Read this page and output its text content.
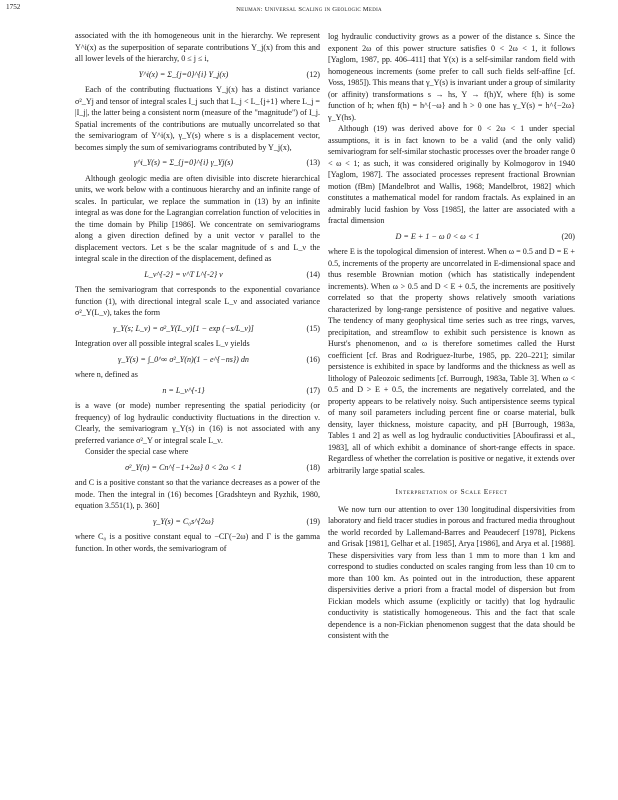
1752	Neuman: Universal Scaling in Geologic Media

associated with the ith homogeneous unit in the hierarchy. We represent Y^i(x) as the superposition of separate contributions Y_j(x) from this and all lower levels of the hierarchy, 0 ≤ j ≤ i,

Y^i(x) = Σ_{j=0}^{i} Y_j(x)	(12)

Each of the contributing fluctuations Y_j(x) has a distinct variance σ²_Yj and tensor of integral scales I_j such that L_j < L_{j+1} where L_j = |I_j|, the latter being a consistent norm (measure of the "magnitude") of I_j. Spatial increments of the contributions are mutually uncorrelated so that the semivariogram of Y^i(x), γ_Y(s) where s is a displacement vector, becomes simply the sum of semivariograms contributed by Y_j(x),

γ^i_Y(s) = Σ_{j=0}^{i} γ_Yj(s)	(13)

Although geologic media are often divisible into discrete hierarchical units, we work below with a continuous hierarchy and an infinite range of scales. In particular, we replace the summation in (13) by an infinite integral as was done for the Lagrangian correlation function of velocities in the time domain by Philip [1986]. We concentrate on semivariograms along a given direction defined by a unit vector ν parallel to the displacement vectors. Let s be the scalar magnitude of s and L_ν the integral scale in the direction of the displacement, defined as

L_ν^{-2} = ν^T L^{-2} ν	(14)

Then the semivariogram that corresponds to the exponential covariance function (1), with directional integral scale L_ν and associated variance σ²_Y(L_ν), takes the form

γ_Y(s; L_ν) = σ²_Y(L_ν)[1 − exp (−s/L_ν)]	(15)

Integration over all possible integral scales L_ν yields

γ_Y(s) = ∫_0^∞ σ²_Y(n)(1 − e^{−ns}) dn	(16)

where n, defined as

n = L_ν^{-1}	(17)

is a wave (or mode) number representing the spatial periodicity (or frequency) of log hydraulic conductivity fluctuations in the direction ν. Clearly, the semivariogram γ_Y(s) in (16) is not associated with any preferred variance σ²_Y or integral scale L_ν.

Consider the special case where

σ²_Y(n) = Cn^{−1+2ω} 0 < 2ω < 1	(18)

and C is a positive constant so that the variance decreases as a power of the mode. Then the integral in (16) becomes [Gradshteyn and Ryzhik, 1980, equation 3.551(1), p. 360]

γ_Y(s) = C₀s^{2ω}	(19)

where C₀ is a positive constant equal to −CΓ(−2ω) and Γ is the gamma function. In other words, the semivariogram of

log hydraulic conductivity grows as a power of the distance s. Since the exponent 2ω of this power structure satisfies 0 < 2ω < 1, it follows [Yaglom, 1987, pp. 406–411] that Y(x) is a self-similar random field with homogeneous increments (some prefer to call such fields self-affine [cf. Voss, 1985]). This means that γ_Y(s) is invariant under a group of similarity (or affinity) transformations s → hs, Y → f(h)Y, where f(h) is some function of h; when f(h) = h^{−ω} and h > 0 one has γ_Y(s) = h^{−2ω}γ_Y(hs).

Although (19) was derived above for 0 < 2ω < 1 under special assumptions, it is in fact known to be a valid (and the only valid) semivariogram for self-similar stochastic processes over the broader range 0 < ω < 1; as such, it was considered originally by Kolmogorov in 1940 [Yaglom, 1987]. The associated processes represent fractional Brownian motion (fBm) [Mandelbrot and Wallis, 1968; Mandelbrot, 1982] which constitutes a mathematical model for random fractals. As explained in an admirably lucid fashion by Voss [1985], the latter are associated with a fractal dimension

D = E + 1 − ω 0 < ω < 1	(20)

where E is the topological dimension of interest. When ω = 0.5 and D = E + 0.5, increments of the property are uncorrelated in E-dimensional space and thus resemble Brownian motion (which has statistically independent increments). When ω > 0.5 and D < E + 0.5, the increments are positively correlated so that the property shows relatively smooth variations characterized by long-range persistence of positive and negative values. The tendency of many geophysical time series such as tree rings, varves, precipitation, and streamflow to exhibit such persistence is known as Hurst's phenomenon, and ω is therefore sometimes called the Hurst coefficient [cf. Bras and Rodriguez-Iturbe, 1985, pp. 220–221]; similar persistence is exhibited in space by landforms and the thickness as well as lithology of Paleozoic sediments [cf. Burrough, 1983a, Table 3]. When ω < 0.5 and D > E + 0.5, the increments are negatively correlated, and the property appears to be relatively noisy. Such antipersistence seems typical of many soil parameters including percent fine or coarse material, bulk density, layer thickness, moisture capacity, and pH [Burrough, 1983a, Tables 1 and 2] as well as log hydraulic conductivities [Aboufirassi et al., 1983], all of which exhibit a dominance of short-range effects in space. Regardless of whether the correlation is positive or negative, it extends over arbitrarily large spatial scales.

Interpretation of Scale Effect

We now turn our attention to over 130 longitudinal dispersivities from laboratory and field tracer studies in porous and fractured media throughout the world recorded by Lallemand-Barres and Peaudecerf [1978], Pickens and Grisak [1981], Gelhar et al. [1985], Arya [1986], and Arya et al. [1988]. These dispersivities vary from less than 1 mm to more than 1 km and correspond to studies conducted on scales ranging from less than 10 cm to more than 100 km. As pointed out in the introduction, these apparent dispersivities derive a priori from a fractal model of dispersion but from Fickian models which assume (explicitly or tacitly) that log hydraulic conductivity is statistically homogeneous. This and the fact that scale dependence is a non-Fickian phenomenon suggest that the data should be consistent with the
